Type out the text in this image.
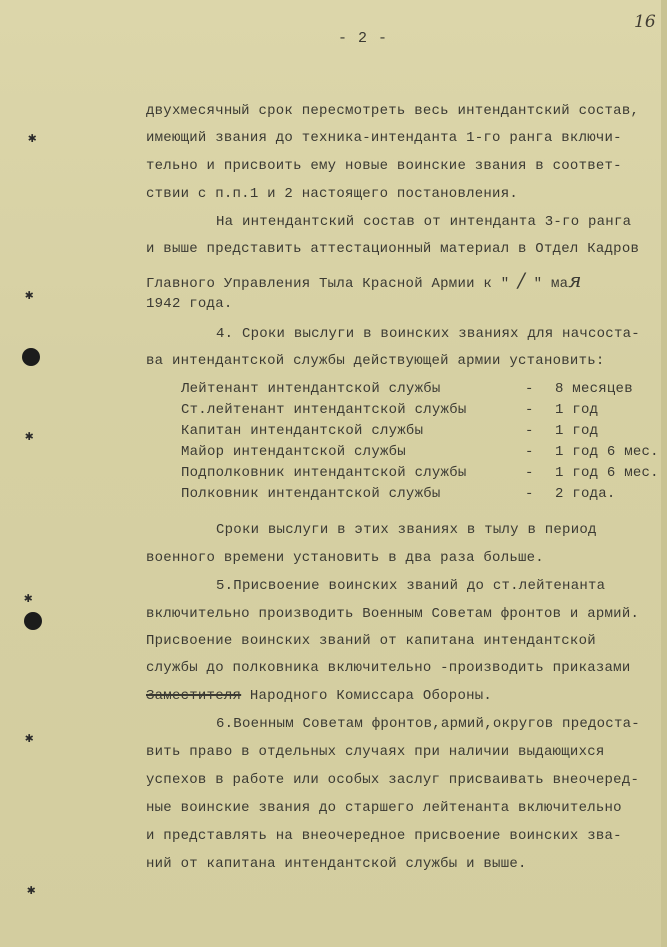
✱
✱
✱
✱
✱
✱
16
- 2 -
двухмесячный срок пересмотреть весь интендантский состав,
имеющий звания до техника-интенданта 1-го ранга включи-
тельно и присвоить ему новые воинские звания в соответ-
ствии с п.п.1 и 2 настоящего постановления.
На интендантский состав от интенданта 3-го ранга
и выше представить аттестационный материал в Отдел Кадров
Главного Управления Тыла Красной Армии к " / " мая
1942 года.
4. Сроки выслуги в воинских званиях для начсоста-
ва интендантской службы действующей армии установить:
Лейтенант интендантской службы	- 8 месяцев
Ст.лейтенант интендантской службы	- 1 год
Капитан интендантской службы	- 1 год
Майор интендантской службы	- 1 год 6 мес.
Подполковник интендантской службы	- 1 год 6 мес.
Полковник интендантской службы	- 2 года.
Сроки выслуги в этих званиях в тылу в период
военного времени установить в два раза больше.
5.Присвоение воинских званий до ст.лейтенанта
включительно производить Военным Советам фронтов и армий.
Присвоение воинских званий от капитана интендантской
службы до полковника включительно -производить приказами
Заместителя Народного Комиссара Обороны.
6.Военным Советам фронтов,армий,округов предоста-
вить право в отдельных случаях при наличии выдающихся
успехов в работе или особых заслуг присваивать внеочеред-
ные воинские звания до старшего лейтенанта включительно
и представлять на внеочередное присвоение воинских зва-
ний от капитана интендантской службы и выше.
